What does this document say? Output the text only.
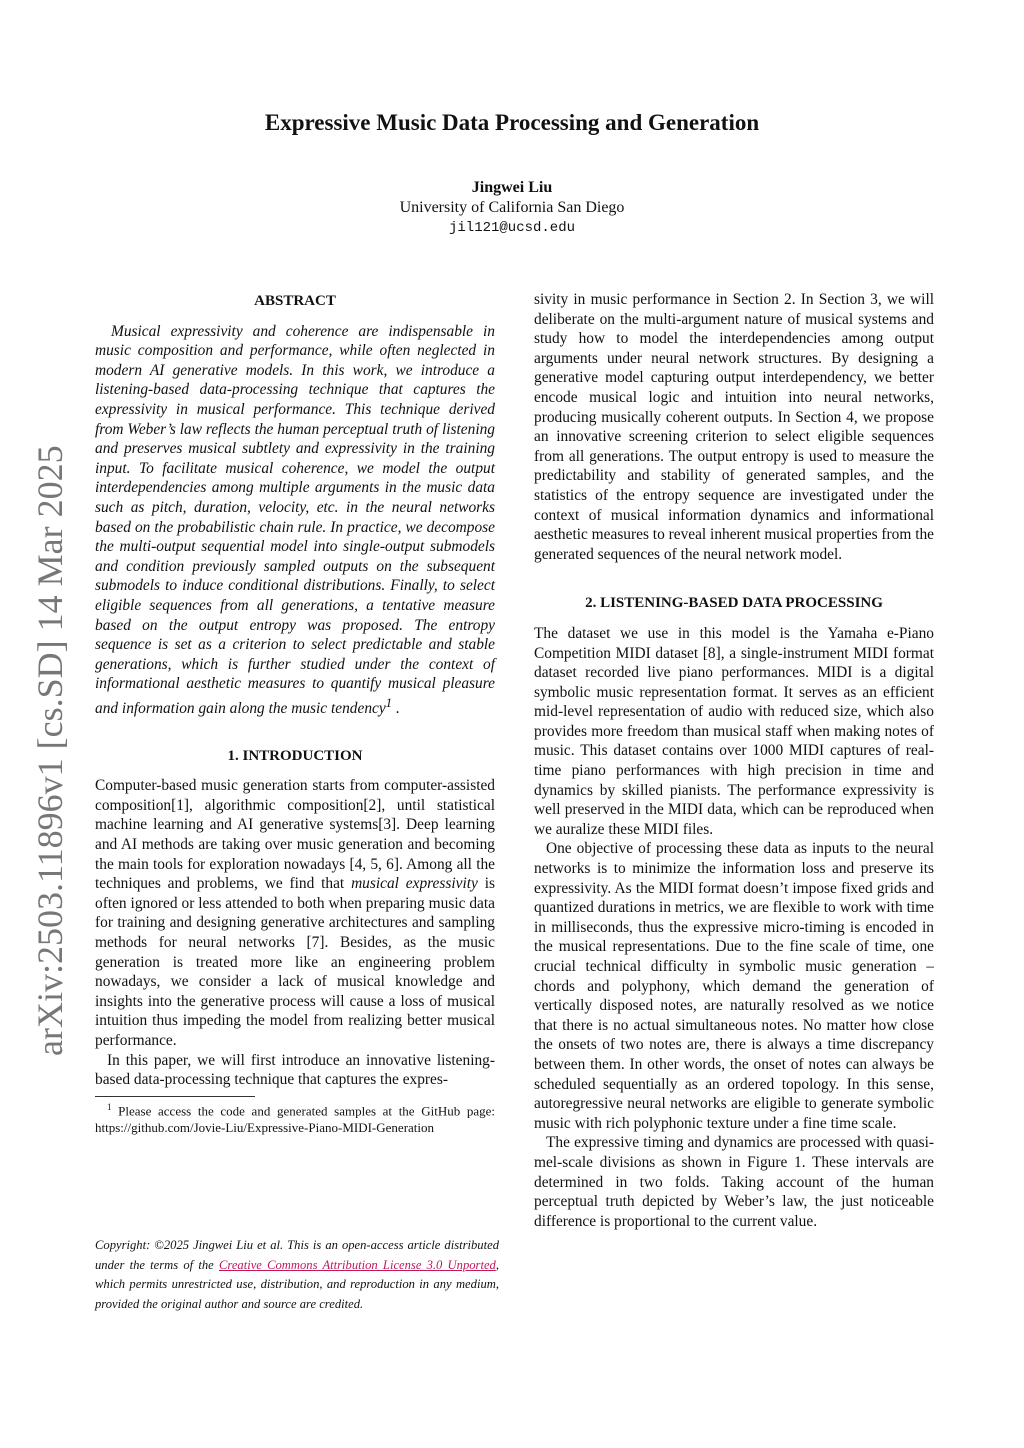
Expressive Music Data Processing and Generation
Jingwei Liu
University of California San Diego
jil121@ucsd.edu
arXiv:2503.11896v1 [cs.SD] 14 Mar 2025
ABSTRACT

Musical expressivity and coherence are indispensable in music composition and performance, while often neglected in modern AI generative models. In this work, we introduce a listening-based data-processing technique that captures the expressivity in musical performance. This technique derived from Weber’s law reflects the human perceptual truth of listening and preserves musical subtlety and expressivity in the training input. To facilitate musical coherence, we model the output interdependencies among multiple arguments in the music data such as pitch, duration, velocity, etc. in the neural networks based on the probabilistic chain rule. In practice, we decompose the multi-output sequential model into single-output submodels and condition previously sampled outputs on the subsequent submodels to induce conditional distributions. Finally, to select eligible sequences from all generations, a tentative measure based on the output entropy was proposed. The entropy sequence is set as a criterion to select predictable and stable generations, which is further studied under the context of informational aesthetic measures to quantify musical pleasure and information gain along the music tendency$^1$ .

1. INTRODUCTION

Computer-based music generation starts from computer-assisted composition[1], algorithmic composition[2], until statistical machine learning and AI generative systems[3]. Deep learning and AI methods are taking over music generation and becoming the main tools for exploration nowadays [4, 5, 6]. Among all the techniques and problems, we find that musical expressivity is often ignored or less attended to both when preparing music data for training and designing generative architectures and sampling methods for neural networks [7]. Besides, as the music generation is treated more like an engineering problem nowadays, we consider a lack of musical knowledge and insights into the generative process will cause a loss of musical intuition thus impeding the model from realizing better musical performance.

In this paper, we will first introduce an innovative listening-based data-processing technique that captures the expres-

$^1$ Please access the code and generated samples at the GitHub page: https://github.com/Jovie-Liu/Expressive-Piano-MIDI-Generation
Copyright: ©2025 Jingwei Liu et al. This is an open-access article distributed under the terms of the Creative Commons Attribution License 3.0 Unported, which permits unrestricted use, distribution, and reproduction in any medium, provided the original author and source are credited.

sivity in music performance in Section 2. In Section 3, we will deliberate on the multi-argument nature of musical systems and study how to model the interdependencies among output arguments under neural network structures. By designing a generative model capturing output interdependency, we better encode musical logic and intuition into neural networks, producing musically coherent outputs. In Section 4, we propose an innovative screening criterion to select eligible sequences from all generations. The output entropy is used to measure the predictability and stability of generated samples, and the statistics of the entropy sequence are investigated under the context of musical information dynamics and informational aesthetic measures to reveal inherent musical properties from the generated sequences of the neural network model.

2. LISTENING-BASED DATA PROCESSING

The dataset we use in this model is the Yamaha e-Piano Competition MIDI dataset [8], a single-instrument MIDI format dataset recorded live piano performances. MIDI is a digital symbolic music representation format. It serves as an efficient mid-level representation of audio with reduced size, which also provides more freedom than musical staff when making notes of music. This dataset contains over 1000 MIDI captures of real-time piano performances with high precision in time and dynamics by skilled pianists. The performance expressivity is well preserved in the MIDI data, which can be reproduced when we auralize these MIDI files.

One objective of processing these data as inputs to the neural networks is to minimize the information loss and preserve its expressivity. As the MIDI format doesn’t impose fixed grids and quantized durations in metrics, we are flexible to work with time in milliseconds, thus the expressive micro-timing is encoded in the musical representations. Due to the fine scale of time, one crucial technical difficulty in symbolic music generation – chords and polyphony, which demand the generation of vertically disposed notes, are naturally resolved as we notice that there is no actual simultaneous notes. No matter how close the onsets of two notes are, there is always a time discrepancy between them. In other words, the onset of notes can always be scheduled sequentially as an ordered topology. In this sense, autoregressive neural networks are eligible to generate symbolic music with rich polyphonic texture under a fine time scale.

The expressive timing and dynamics are processed with quasi-mel-scale divisions as shown in Figure 1. These intervals are determined in two folds. Taking account of the human perceptual truth depicted by Weber’s law, the just noticeable difference is proportional to the current value.
